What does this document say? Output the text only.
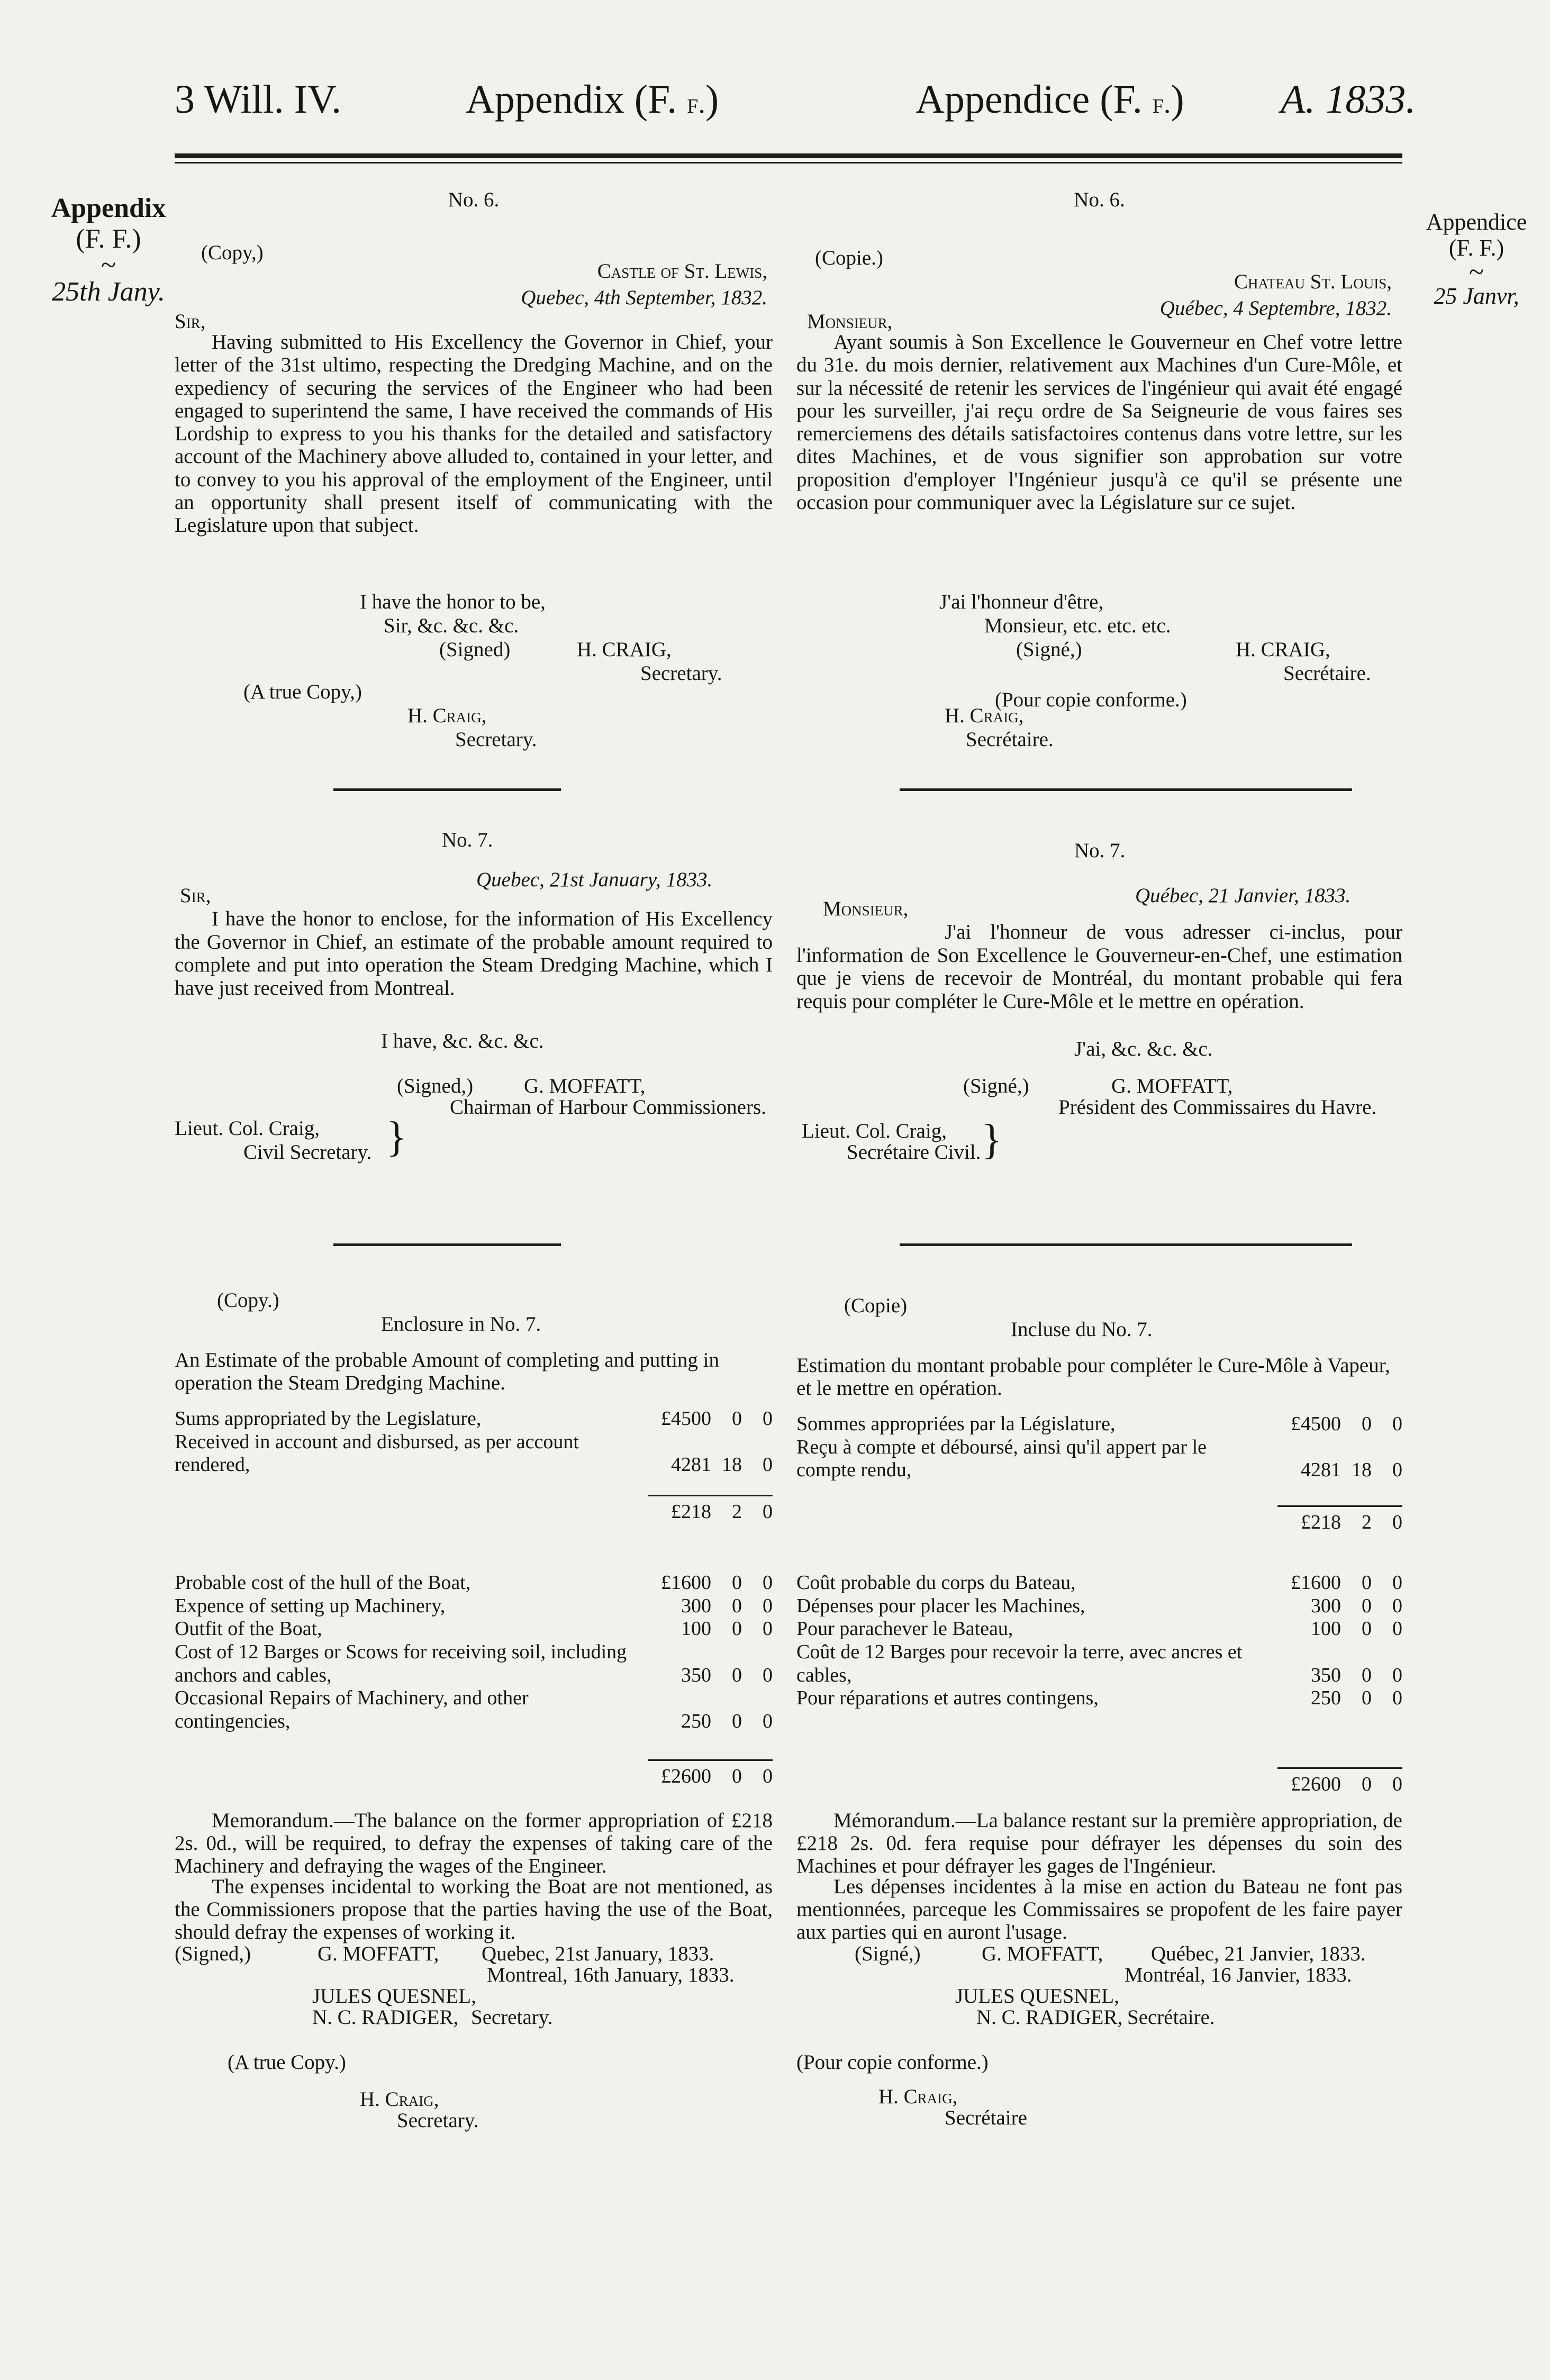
3 Will. IV.	Appendix (F. f.)	Appendice (F. f.) A. 1833.
Appendix
(F. F.)
~
25th Jany.
Appendice
(F. F.)
~
25 Janvr,
No. 6.
(Copy,)
Castle of St. Lewis,
Quebec, 4th September, 1832.
Sir,

Having submitted to His Excellency the Governor in Chief, your letter of the 31st ultimo, respecting the Dredging Machine, and on the expediency of securing the services of the Engineer who had been engaged to superintend the same, I have received the commands of His Lordship to express to you his thanks for the detailed and satisfactory account of the Machinery above alluded to, contained in your letter, and to convey to you his approval of the employment of the Engineer, until an opportunity shall present itself of communicating with the Legislature upon that subject.

I have the honor to be,
Sir, &c. &c. &c.
(Signed)	H. CRAIG,
Secretary.
(A true Copy,)
H. Craig,
Secretary.
No. 7.
Quebec, 21st January, 1833.
Sir,

I have the honor to enclose, for the information of His Excellency the Governor in Chief, an estimate of the probable amount required to complete and put into operation the Steam Dredging Machine, which I have just received from Montreal.

I have, &c. &c. &c.
(Signed,) G. MOFFATT,
Chairman of Harbour Commissioners.
Lieut. Col. Craig,
Civil Secretary. }
(Copy.)
Enclosure in No. 7.

An Estimate of the probable Amount of completing and putting in operation the Steam Dredging Machine.

Sums appropriated by the Legislature,	£4500	0	0
Received in account and disbursed, as per account rendered,	4281	18	0
	£218	2	0
Probable cost of the hull of the Boat,	£1600	0	0
Expence of setting up Machinery,	300	0	0
Outfit of the Boat,	100	0	0
Cost of 12 Barges or Scows for receiving soil, including anchors and cables,	350	0	0
Occasional Repairs of Machinery, and other contingencies,	250	0	0
	£2600	0	0

Memorandum.—The balance on the former appropriation of £218 2s. 0d., will be required, to defray the expenses of taking care of the Machinery and defraying the wages of the Engineer.

The expenses incidental to working the Boat are not mentioned, as the Commissioners propose that the parties having the use of the Boat, should defray the expenses of working it.

(Signed,)	G. MOFFATT, Quebec, 21st January, 1833.
Montreal, 16th January, 1833.
JULES QUESNEL,
N. C. RADIGER, Secretary.
(A true Copy.)
H. Craig,
Secretary.
No. 6.
(Copie.)
Chateau St. Louis,
Québec, 4 Septembre, 1832.
Monsieur,

Ayant soumis à Son Excellence le Gouverneur en Chef votre lettre du 31e. du mois dernier, relativement aux Machines d'un Cure-Môle, et sur la nécessité de retenir les services de l'ingénieur qui avait été engagé pour les surveiller, j'ai reçu ordre de Sa Seigneurie de vous faires ses remerciemens des détails satisfactoires contenus dans votre lettre, sur les dites Machines, et de vous signifier son approbation sur votre proposition d'employer l'Ingénieur jusqu'à ce qu'il se présente une occasion pour communiquer avec la Législature sur ce sujet.

J'ai l'honneur d'être,
Monsieur, etc. etc. etc.
(Signé,)	H. CRAIG,
Secrétaire.
(Pour copie conforme.)
H. Craig,
Secrétaire.
No. 7.
Québec, 21 Janvier, 1833.
Monsieur,

J'ai l'honneur de vous adresser ci-inclus, pour l'information de Son Excellence le Gouverneur-en-Chef, une estimation que je viens de recevoir de Montréal, du montant probable qui fera requis pour compléter le Cure-Môle et le mettre en opération.

J'ai, &c. &c. &c.
(Signé,)	G. MOFFATT,
Président des Commissaires du Havre.
Lieut. Col. Craig,
Secrétaire Civil. }
(Copie)
Incluse du No. 7.

Estimation du montant probable pour compléter le Cure-Môle à Vapeur, et le mettre en opération.

Sommes appropriées par la Législature,	£4500	0	0
Reçu à compte et déboursé, ainsi qu'il appert par le compte rendu,	4281	18	0
	£218	2	0
Coût probable du corps du Bateau,	£1600	0	0
Dépenses pour placer les Machines,	300	0	0
Pour parachever le Bateau,	100	0	0
Coût de 12 Barges pour recevoir la terre, avec ancres et cables,	350	0	0
Pour réparations et autres contingens,	250	0	0
	£2600	0	0

Mémorandum.—La balance restant sur la première appropriation, de £218 2s. 0d. fera requise pour défrayer les dépenses du soin des Machines et pour défrayer les gages de l'Ingénieur.

Les dépenses incidentes à la mise en action du Bateau ne font pas mentionnées, parceque les Commissaires se propofent de les faire payer aux parties qui en auront l'usage.

(Signé,)	G. MOFFATT, Québec, 21 Janvier, 1833.
Montréal, 16 Janvier, 1833.
JULES QUESNEL,
N. C. RADIGER, Secrétaire.
(Pour copie conforme.)
H. Craig,
Secrétaire
